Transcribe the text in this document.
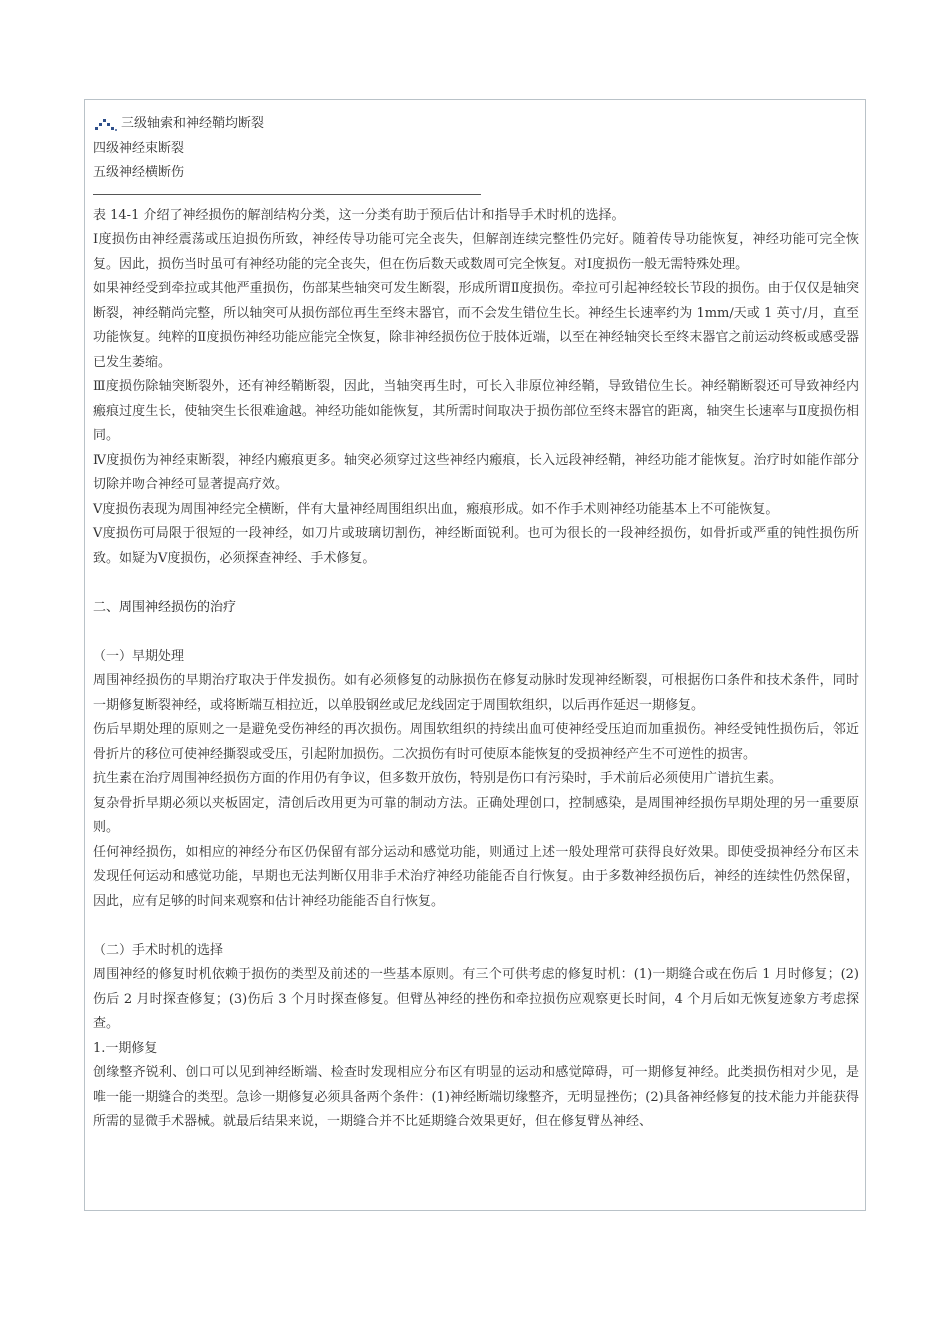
三级轴索和神经鞘均断裂
四级神经束断裂
五级神经横断伤
表 14-1 介绍了神经损伤的解剖结构分类，这一分类有助于预后估计和指导手术时机的选择。
Ⅰ度损伤由神经震荡或压迫损伤所致，神经传导功能可完全丧失，但解剖连续完整性仍完好。随着传导功能恢复，神经功能可完全恢复。因此，损伤当时虽可有神经功能的完全丧失，但在伤后数天或数周可完全恢复。对Ⅰ度损伤一般无需特殊处理。
如果神经受到牵拉或其他严重损伤，伤部某些轴突可发生断裂，形成所谓Ⅱ度损伤。牵拉可引起神经较长节段的损伤。由于仅仅是轴突断裂，神经鞘尚完整，所以轴突可从损伤部位再生至终末器官，而不会发生错位生长。神经生长速率约为 1mm/天或 1 英寸/月，直至功能恢复。纯粹的Ⅱ度损伤神经功能应能完全恢复，除非神经损伤位于肢体近端，以至在神经轴突长至终末器官之前运动终板或感受器已发生萎缩。
Ⅲ度损伤除轴突断裂外，还有神经鞘断裂，因此，当轴突再生时，可长入非原位神经鞘，导致错位生长。神经鞘断裂还可导致神经内瘢痕过度生长，使轴突生长很难逾越。神经功能如能恢复，其所需时间取决于损伤部位至终末器官的距离，轴突生长速率与Ⅱ度损伤相同。
Ⅳ度损伤为神经束断裂，神经内瘢痕更多。轴突必须穿过这些神经内瘢痕，长入远段神经鞘，神经功能才能恢复。治疗时如能作部分切除并吻合神经可显著提高疗效。
Ⅴ度损伤表现为周围神经完全横断，伴有大量神经周围组织出血，瘢痕形成。如不作手术则神经功能基本上不可能恢复。
Ⅴ度损伤可局限于很短的一段神经，如刀片或玻璃切割伤，神经断面锐利。也可为很长的一段神经损伤，如骨折或严重的钝性损伤所致。如疑为Ⅴ度损伤，必须探查神经、手术修复。
二、周围神经损伤的治疗
（一）早期处理
周围神经损伤的早期治疗取决于伴发损伤。如有必须修复的动脉损伤在修复动脉时发现神经断裂，可根据伤口条件和技术条件，同时一期修复断裂神经，或将断端互相拉近，以单股钢丝或尼龙线固定于周围软组织，以后再作延迟一期修复。
伤后早期处理的原则之一是避免受伤神经的再次损伤。周围软组织的持续出血可使神经受压迫而加重损伤。神经受钝性损伤后，邻近骨折片的移位可使神经撕裂或受压，引起附加损伤。二次损伤有时可使原本能恢复的受损神经产生不可逆性的损害。
抗生素在治疗周围神经损伤方面的作用仍有争议，但多数开放伤，特别是伤口有污染时，手术前后必须使用广谱抗生素。
复杂骨折早期必须以夹板固定，清创后改用更为可靠的制动方法。正确处理创口，控制感染，是周围神经损伤早期处理的另一重要原则。
任何神经损伤，如相应的神经分布区仍保留有部分运动和感觉功能，则通过上述一般处理常可获得良好效果。即使受损神经分布区未发现任何运动和感觉功能，早期也无法判断仅用非手术治疗神经功能能否自行恢复。由于多数神经损伤后，神经的连续性仍然保留，因此，应有足够的时间来观察和估计神经功能能否自行恢复。
（二）手术时机的选择
周围神经的修复时机依赖于损伤的类型及前述的一些基本原则。有三个可供考虑的修复时机：(1)一期缝合或在伤后 1 月时修复；(2)伤后 2 月时探查修复；(3)伤后 3 个月时探查修复。但臂丛神经的挫伤和牵拉损伤应观察更长时间，4 个月后如无恢复迹象方考虑探查。
1.一期修复
创缘整齐锐利、创口可以见到神经断端、检查时发现相应分布区有明显的运动和感觉障碍，可一期修复神经。此类损伤相对少见，是唯一能一期缝合的类型。急诊一期修复必须具备两个条件：(1)神经断端切缘整齐，无明显挫伤；(2)具备神经修复的技术能力并能获得所需的显微手术器械。就最后结果来说，一期缝合并不比延期缝合效果更好，但在修复臂丛神经、
